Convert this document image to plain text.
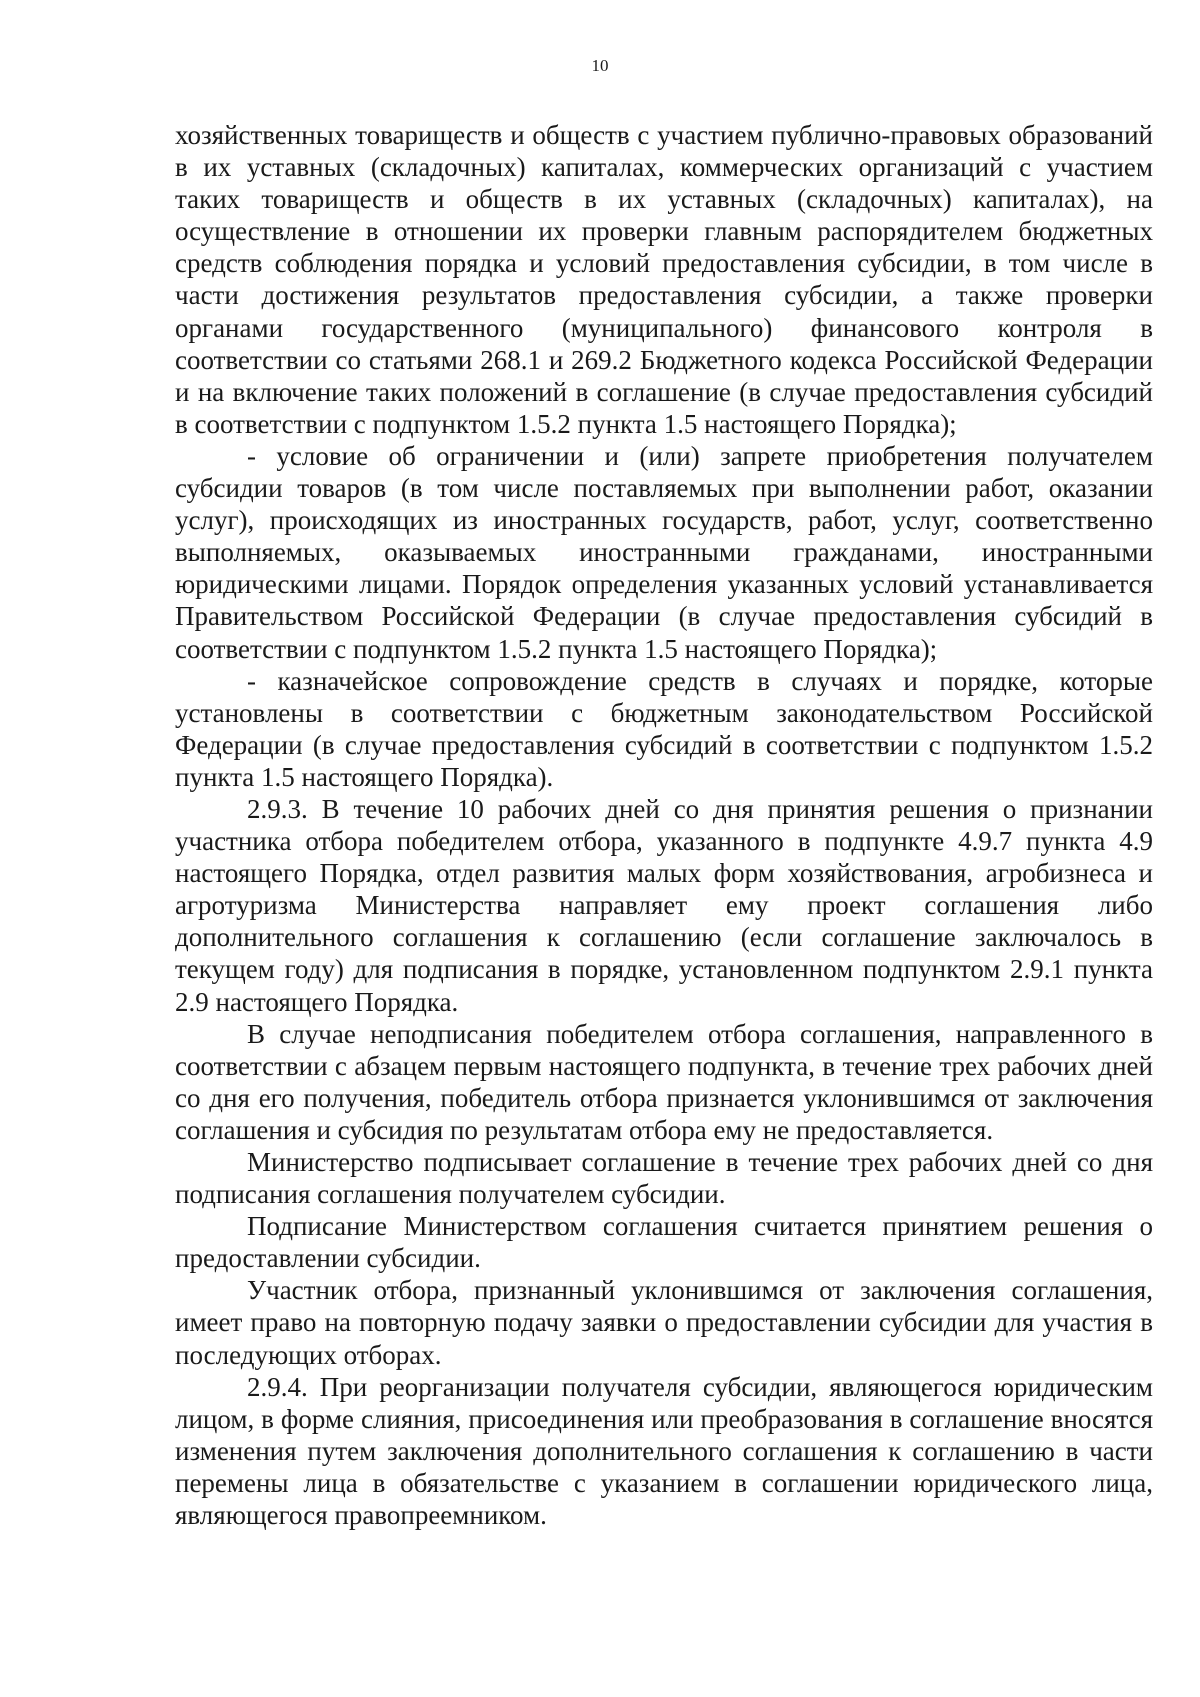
10

хозяйственных товариществ и обществ с участием публично-правовых образований в их уставных (складочных) капиталах, коммерческих организаций с участием таких товариществ и обществ в их уставных (складочных) капиталах), на осуществление в отношении их проверки главным распорядителем бюджетных средств соблюдения порядка и условий предоставления субсидии, в том числе в части достижения результатов предоставления субсидии, а также проверки органами государственного (муниципального) финансового контроля в соответствии со статьями 268.1 и 269.2 Бюджетного кодекса Российской Федерации и на включение таких положений в соглашение (в случае предоставления субсидий в соответствии с подпунктом 1.5.2 пункта 1.5 настоящего Порядка);

- условие об ограничении и (или) запрете приобретения получателем субсидии товаров (в том числе поставляемых при выполнении работ, оказании услуг), происходящих из иностранных государств, работ, услуг, соответственно выполняемых, оказываемых иностранными гражданами, иностранными юридическими лицами. Порядок определения указанных условий устанавливается Правительством Российской Федерации (в случае предоставления субсидий в соответствии с подпунктом 1.5.2 пункта 1.5 настоящего Порядка);

- казначейское сопровождение средств в случаях и порядке, которые установлены в соответствии с бюджетным законодательством Российской Федерации (в случае предоставления субсидий в соответствии с подпунктом 1.5.2 пункта 1.5 настоящего Порядка).

2.9.3. В течение 10 рабочих дней со дня принятия решения о признании участника отбора победителем отбора, указанного в подпункте 4.9.7 пункта 4.9 настоящего Порядка, отдел развития малых форм хозяйствования, агробизнеса и агротуризма Министерства направляет ему проект соглашения либо дополнительного соглашения к соглашению (если соглашение заключалось в текущем году) для подписания в порядке, установленном подпунктом 2.9.1 пункта 2.9 настоящего Порядка.

В случае неподписания победителем отбора соглашения, направленного в соответствии с абзацем первым настоящего подпункта, в течение трех рабочих дней со дня его получения, победитель отбора признается уклонившимся от заключения соглашения и субсидия по результатам отбора ему не предоставляется.

Министерство подписывает соглашение в течение трех рабочих дней со дня подписания соглашения получателем субсидии.

Подписание Министерством соглашения считается принятием решения о предоставлении субсидии.

Участник отбора, признанный уклонившимся от заключения соглашения, имеет право на повторную подачу заявки о предоставлении субсидии для участия в последующих отборах.

2.9.4. При реорганизации получателя субсидии, являющегося юридическим лицом, в форме слияния, присоединения или преобразования в соглашение вносятся изменения путем заключения дополнительного соглашения к соглашению в части перемены лица в обязательстве с указанием в соглашении юридического лица, являющегося правопреемником.
